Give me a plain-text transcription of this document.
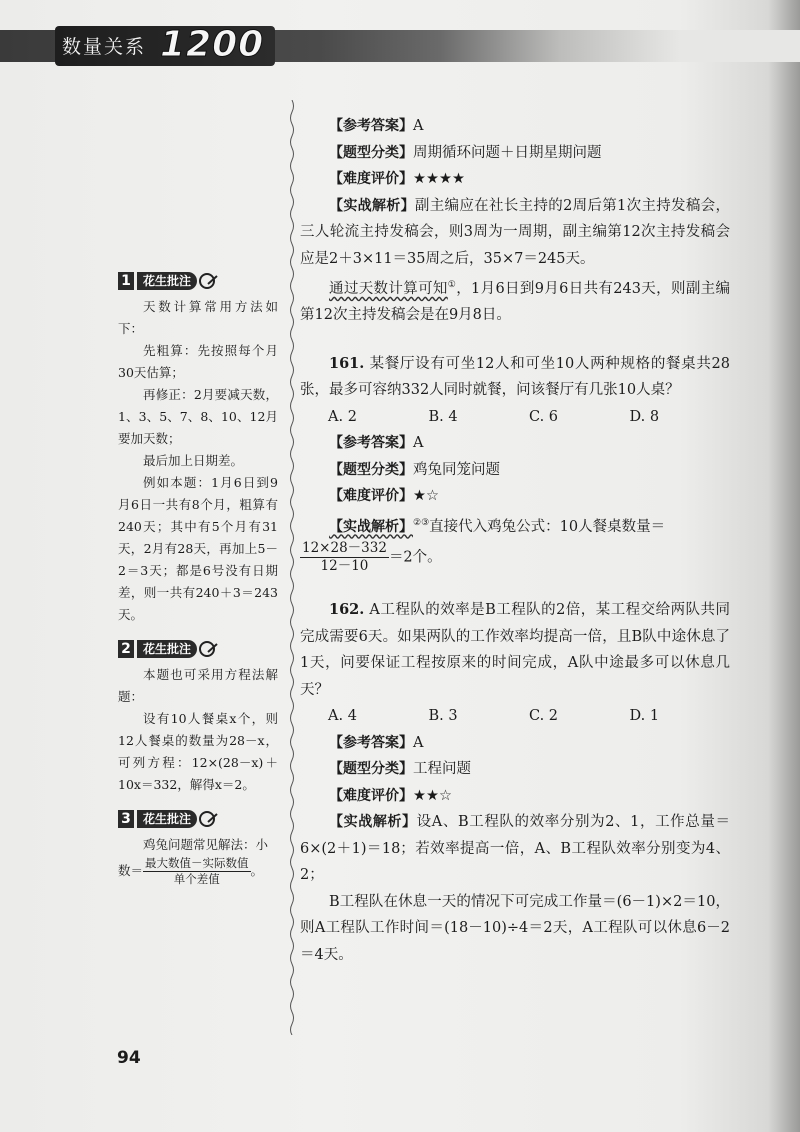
数量关系 1200
1	花生批注

天数计算常用方法如下：

先粗算：先按照每个月30天估算；

再修正：2月要减天数，1、3、5、7、8、10、12月要加天数；

最后加上日期差。

例如本题：1月6日到9月6日一共有8个月，粗算有240天；其中有5个月有31天，2月有28天，再加上5－2＝3天；都是6号没有日期差，则一共有240＋3＝243天。

2	花生批注

本题也可采用方程法解题：

设有10人餐桌x个，则12人餐桌的数量为28－x，可列方程：12×(28－x)＋10x＝332，解得x＝2。

3	花生批注

鸡兔问题常见解法：小

数＝ $\frac{\text{最大数值－实际数值}}{\text{单个差值}}$ 。

【参考答案】A

【题型分类】周期循环问题＋日期星期问题

【难度评价】★★★★

【实战解析】副主编应在社长主持的2周后第1次主持发稿会，三人轮流主持发稿会，则3周为一周期，副主编第12次主持发稿会应是2＋3×11＝35周之后，35×7＝245天。

通过天数计算可知①，1月6日到9月6日共有243天，则副主编第12次主持发稿会是在9月8日。

161. 某餐厅设有可坐12人和可坐10人两种规格的餐桌共28张，最多可容纳332人同时就餐，问该餐厅有几张10人桌？

A. 2	B. 4	C. 6	D. 8

【参考答案】A

【题型分类】鸡兔同笼问题

【难度评价】★☆

【实战解析】②③直接代入鸡兔公式：10人餐桌数量＝

$\frac{12\times 28-332}{12-10} =2$个。

162. A工程队的效率是B工程队的2倍，某工程交给两队共同完成需要6天。如果两队的工作效率均提高一倍，且B队中途休息了1天，问要保证工程按原来的时间完成，A队中途最多可以休息几天？

A. 4	B. 3	C. 2	D. 1

【参考答案】A

【题型分类】工程问题

【难度评价】★★☆

【实战解析】设A、B工程队的效率分别为2、1，工作总量＝6×(2＋1)＝18；若效率提高一倍，A、B工程队效率分别变为4、2；

B工程队在休息一天的情况下可完成工作量＝(6－1)×2＝10，则A工程队工作时间＝(18－10)÷4＝2天，A工程队可以休息6－2＝4天。

94
